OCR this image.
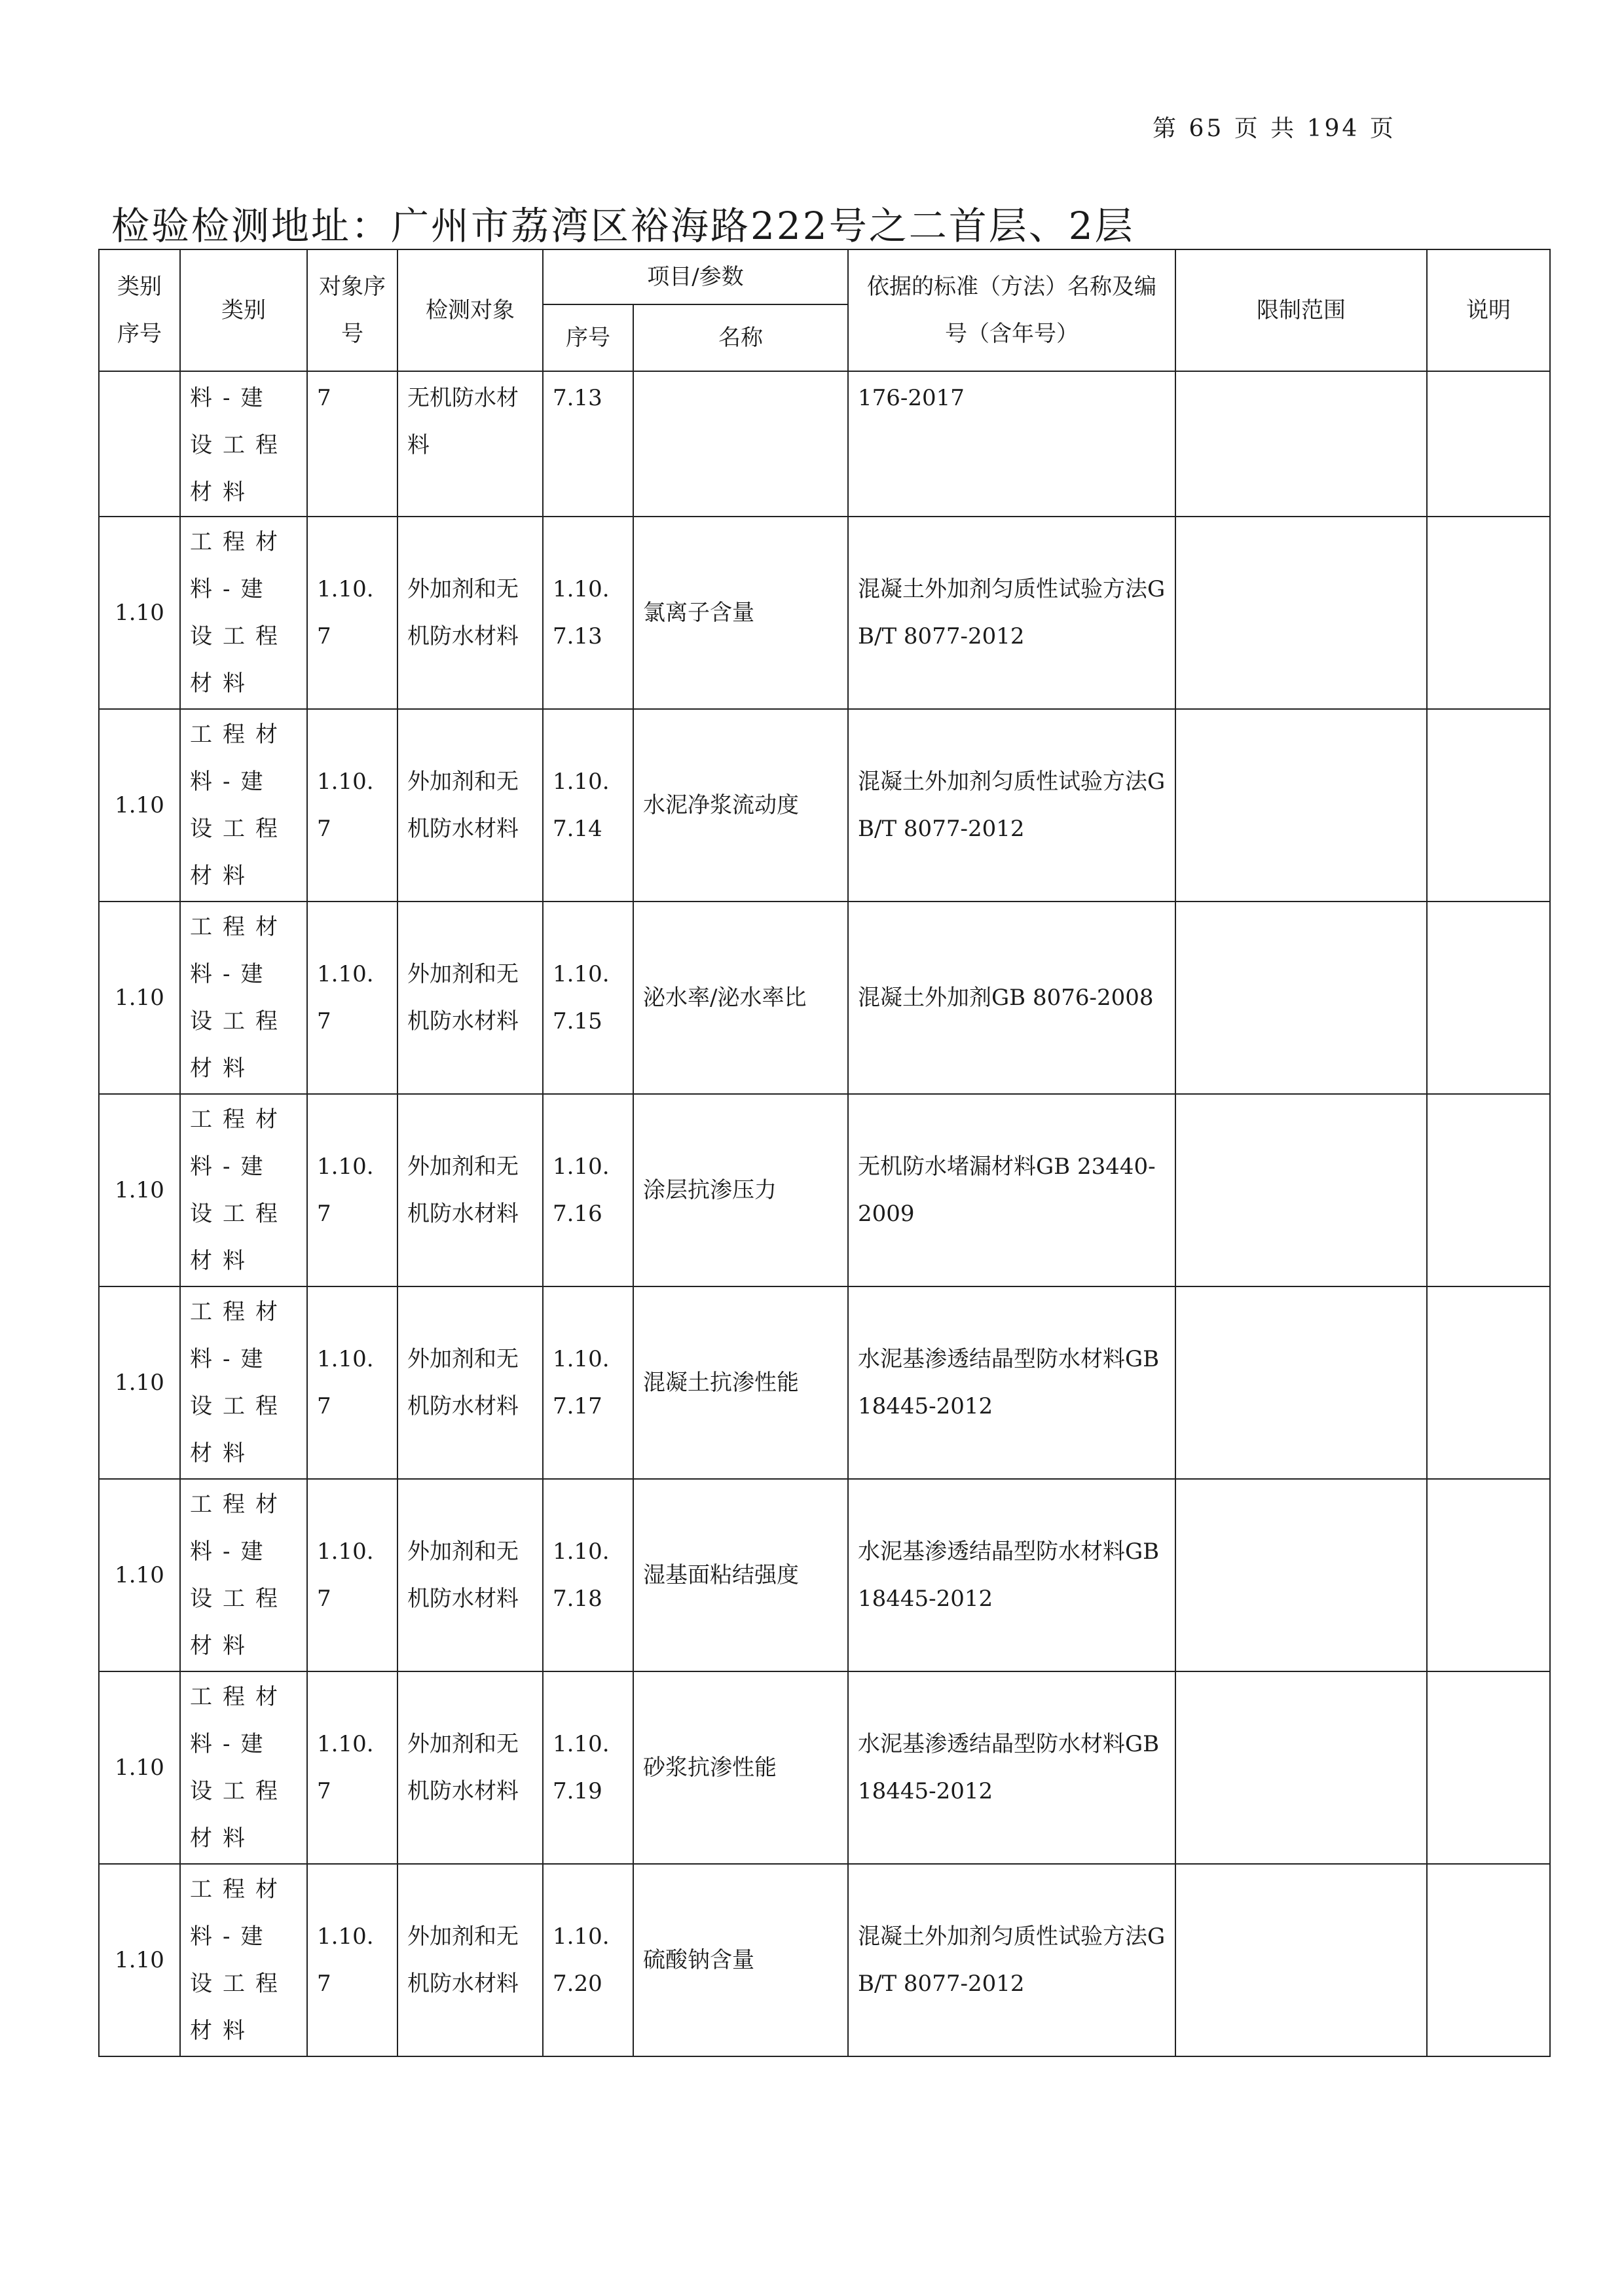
第 65 页 共 194 页
检验检测地址：广州市荔湾区裕海路222号之二首层、2层
类别序号	类别	对象序号	检测对象	项目/参数		依据的标准（方法）名称及编号（含年号）	限制范围	说明
				序号	名称			
	料-建设工程材料	7	无机防水材料	7.13		176-2017		
1.10	工程材料-建设工程材料	1.10.7	外加剂和无机防水材料	1.10.7.13	氯离子含量	混凝土外加剂匀质性试验方法GB/T 8077-2012		
1.10	工程材料-建设工程材料	1.10.7	外加剂和无机防水材料	1.10.7.14	水泥净浆流动度	混凝土外加剂匀质性试验方法GB/T 8077-2012		
1.10	工程材料-建设工程材料	1.10.7	外加剂和无机防水材料	1.10.7.15	泌水率/泌水率比	混凝土外加剂GB 8076-2008		
1.10	工程材料-建设工程材料	1.10.7	外加剂和无机防水材料	1.10.7.16	涂层抗渗压力	无机防水堵漏材料GB 23440-2009		
1.10	工程材料-建设工程材料	1.10.7	外加剂和无机防水材料	1.10.7.17	混凝土抗渗性能	水泥基渗透结晶型防水材料GB 18445-2012		
1.10	工程材料-建设工程材料	1.10.7	外加剂和无机防水材料	1.10.7.18	湿基面粘结强度	水泥基渗透结晶型防水材料GB 18445-2012		
1.10	工程材料-建设工程材料	1.10.7	外加剂和无机防水材料	1.10.7.19	砂浆抗渗性能	水泥基渗透结晶型防水材料GB 18445-2012		
1.10	工程材料-建设工程材料	1.10.7	外加剂和无机防水材料	1.10.7.20	硫酸钠含量	混凝土外加剂匀质性试验方法GB/T 8077-2012		
